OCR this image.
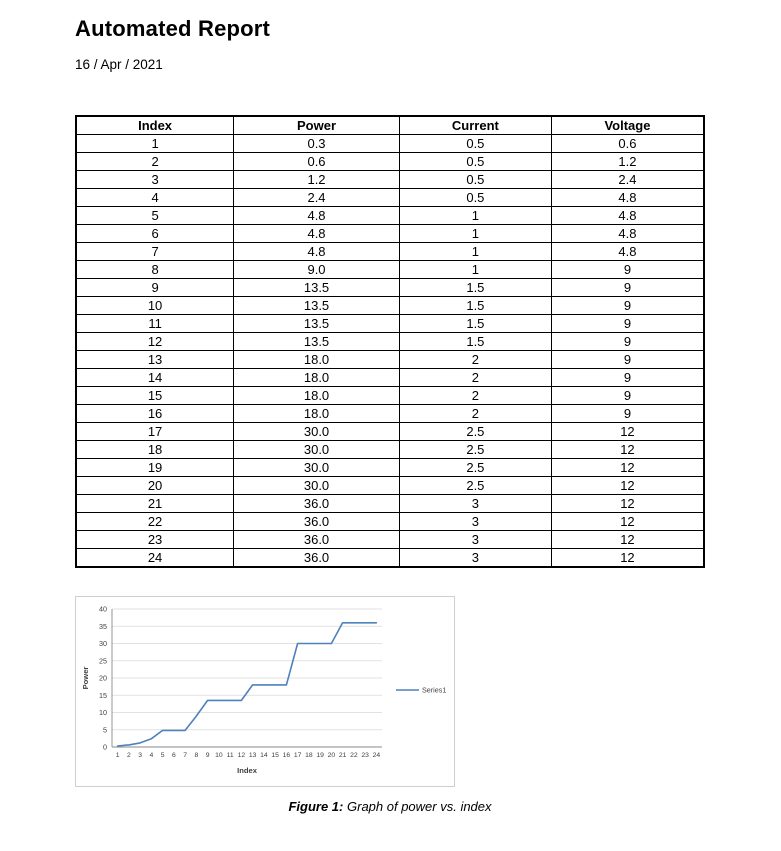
Automated Report
16 / Apr / 2021
Index	Power	Current	Voltage
1	0.3	0.5	0.6
2	0.6	0.5	1.2
3	1.2	0.5	2.4
4	2.4	0.5	4.8
5	4.8	1	4.8
6	4.8	1	4.8
7	4.8	1	4.8
8	9.0	1	9
9	13.5	1.5	9
10	13.5	1.5	9
11	13.5	1.5	9
12	13.5	1.5	9
13	18.0	2	9
14	18.0	2	9
15	18.0	2	9
16	18.0	2	9
17	30.0	2.5	12
18	30.0	2.5	12
19	30.0	2.5	12
20	30.0	2.5	12
21	36.0	3	12
22	36.0	3	12
23	36.0	3	12
24	36.0	3	12
0
5
10
15
20
25
30
35
40
1 2 3 4 5 6 7 8 9 10 11 12 13 14 15 16 17 18 19 20 21 22 23 24
Power
Index
Series1
Figure 1: Graph of power vs. index
